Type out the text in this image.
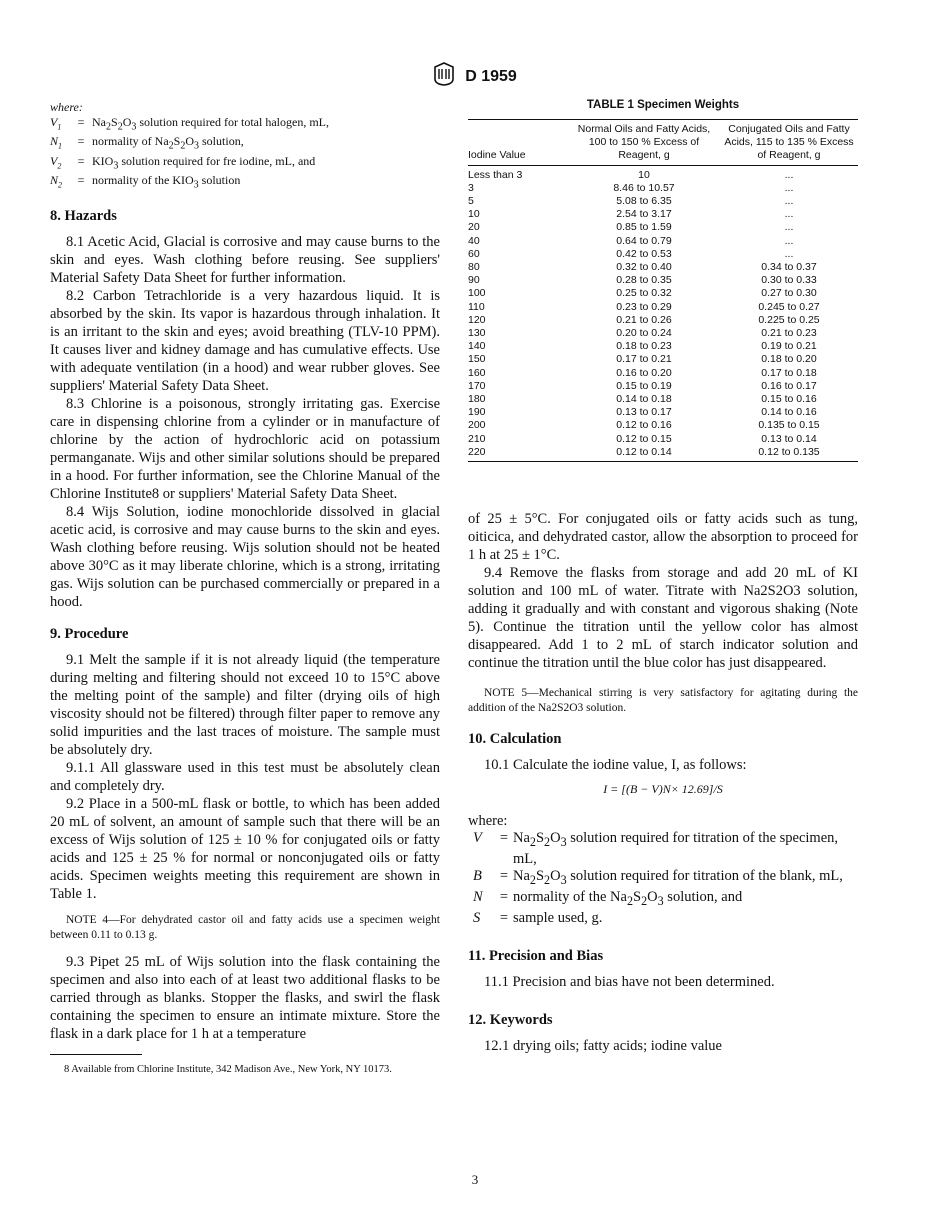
D 1959
where:
$V_1$	=	$Na_2S_2O_3$ solution required for total halogen, mL,
$N_1$	=	normality of $Na_2S_2O_3$ solution,
$V_2$	=	$KIO_3$ solution required for fre iodine, mL, and
$N_2$	=	normality of the $KIO_3$ solution
8. Hazards

8.1 Acetic Acid, Glacial is corrosive and may cause burns to the skin and eyes. Wash clothing before reusing. See suppliers' Material Safety Data Sheet for further information.

8.2 Carbon Tetrachloride is a very hazardous liquid. It is absorbed by the skin. Its vapor is hazardous through inhalation. It is an irritant to the skin and eyes; avoid breathing (TLV-10 PPM). It causes liver and kidney damage and has cumulative effects. Use with adequate ventilation (in a hood) and wear rubber gloves. See suppliers' Material Safety Data Sheet.

8.3 Chlorine is a poisonous, strongly irritating gas. Exercise care in dispensing chlorine from a cylinder or in manufacture of chlorine by the action of hydrochloric acid on potassium permanganate. Wijs and other similar solutions should be prepared in a hood. For further information, see the Chlorine Manual of the Chlorine Institute8 or suppliers' Material Safety Data Sheet.

8.4 Wijs Solution, iodine monochloride dissolved in glacial acetic acid, is corrosive and may cause burns to the skin and eyes. Wash clothing before reusing. Wijs solution should not be heated above 30°C as it may liberate chlorine, which is a strong, irritating gas. Wijs solution can be purchased commercially or prepared in a hood.

9. Procedure

9.1 Melt the sample if it is not already liquid (the temperature during melting and filtering should not exceed 10 to 15°C above the melting point of the sample) and filter (drying oils of high viscosity should not be filtered) through filter paper to remove any solid impurities and the last traces of moisture. The sample must be absolutely dry.

9.1.1 All glassware used in this test must be absolutely clean and completely dry.

9.2 Place in a 500-mL flask or bottle, to which has been added 20 mL of solvent, an amount of sample such that there will be an excess of Wijs solution of 125 ± 10 % for conjugated oils or fatty acids and 125 ± 25 % for normal or nonconjugated oils or fatty acids. Specimen weights meeting this requirement are shown in Table 1.

NOTE 4—For dehydrated castor oil and fatty acids use a specimen weight between 0.11 to 0.13 g.

9.3 Pipet 25 mL of Wijs solution into the flask containing the specimen and also into each of at least two additional flasks to be carried through as blanks. Stopper the flasks, and swirl the flask containing the specimen to ensure an intimate mixture. Store the flask in a dark place for 1 h at a temperature

TABLE 1 Specimen Weights
Iodine Value	Normal Oils and Fatty Acids, 100 to 150 % Excess of Reagent, g	Conjugated Oils and Fatty Acids, 115 to 135 % Excess of Reagent, g
Less than 3	10	...
3	8.46 to 10.57	...
5	5.08 to 6.35	...
10	2.54 to 3.17	...
20	0.85 to 1.59	...
40	0.64 to 0.79	...
60	0.42 to 0.53	...
80	0.32 to 0.40	0.34 to 0.37
90	0.28 to 0.35	0.30 to 0.33
100	0.25 to 0.32	0.27 to 0.30
110	0.23 to 0.29	0.245 to 0.27
120	0.21 to 0.26	0.225 to 0.25
130	0.20 to 0.24	0.21 to 0.23
140	0.18 to 0.23	0.19 to 0.21
150	0.17 to 0.21	0.18 to 0.20
160	0.16 to 0.20	0.17 to 0.18
170	0.15 to 0.19	0.16 to 0.17
180	0.14 to 0.18	0.15 to 0.16
190	0.13 to 0.17	0.14 to 0.16
200	0.12 to 0.16	0.135 to 0.15
210	0.12 to 0.15	0.13 to 0.14
220	0.12 to 0.14	0.12 to 0.135

of 25 ± 5°C. For conjugated oils or fatty acids such as tung, oiticica, and dehydrated castor, allow the absorption to proceed for 1 h at 25 ± 1°C.

9.4 Remove the flasks from storage and add 20 mL of KI solution and 100 mL of water. Titrate with Na2S2O3 solution, adding it gradually and with constant and vigorous shaking (Note 5). Continue the titration until the yellow color has almost disappeared. Add 1 to 2 mL of starch indicator solution and continue the titration until the blue color has just disappeared.

NOTE 5—Mechanical stirring is very satisfactory for agitating during the addition of the Na2S2O3 solution.
10. Calculation

10.1 Calculate the iodine value, I, as follows:

I = [(B − V)N× 12.69]/S
where:
V	=	$Na_2S_2O_3$ solution required for titration of the specimen, mL,
B	=	$Na_2S_2O_3$ solution required for titration of the blank, mL,
N	=	normality of the $Na_2S_2O_3$ solution, and
S	=	sample used, g.
11. Precision and Bias

11.1 Precision and bias have not been determined.

12. Keywords

12.1 drying oils; fatty acids; iodine value

8 Available from Chlorine Institute, 342 Madison Ave., New York, NY 10173.
3
